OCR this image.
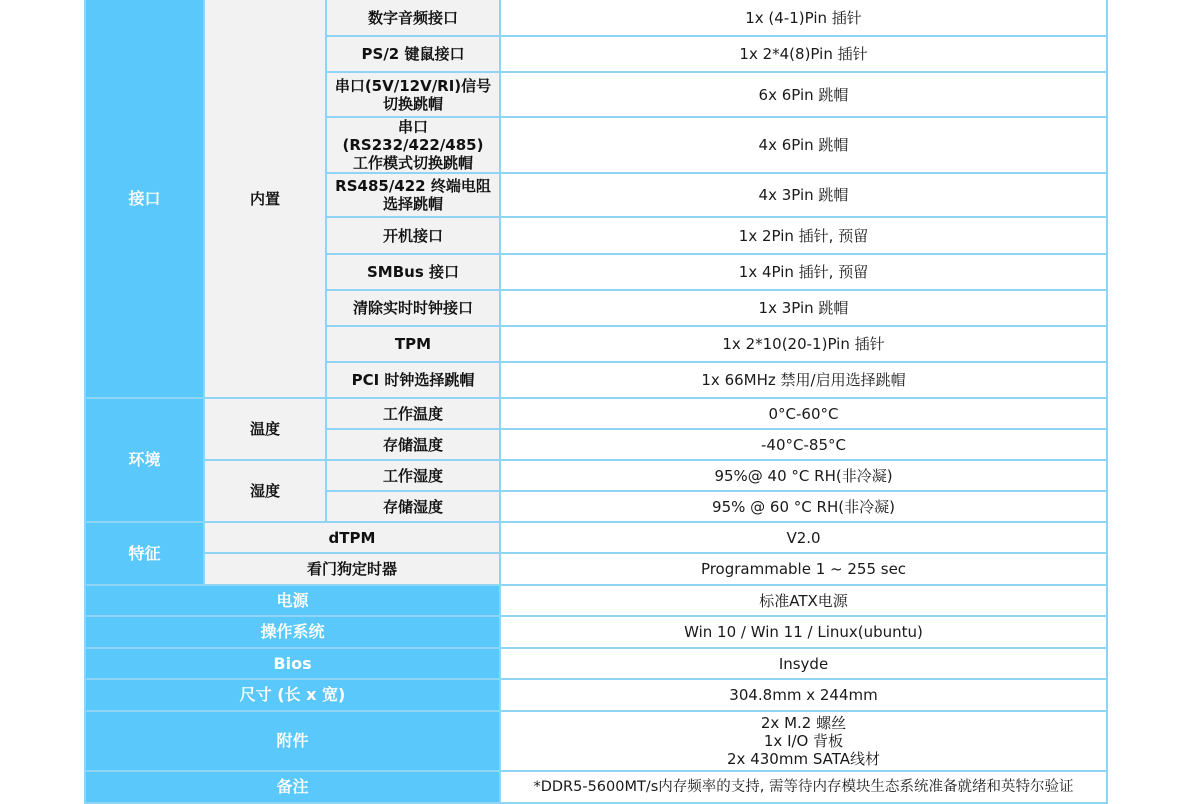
接口	内置	数字音频接口	1x (4-1)Pin 插针
		PS/2 键鼠接口	1x 2*4(8)Pin 插针

		串口(5V/12V/RI)信号
切换跳帽	6x 6Pin 跳帽

		串口(RS232/422/485)
工作模式切换跳帽	4x 6Pin 跳帽

		RS485/422 终端电阻
选择跳帽	4x 3Pin 跳帽
		开机接口	1x 2Pin 插针, 预留
		SMBus 接口	1x 4Pin 插针, 预留
		清除实时时钟接口	1x 3Pin 跳帽
		TPM	1x 2*10(20-1)Pin 插针
		PCI 时钟选择跳帽	1x 66MHz 禁用/启用选择跳帽
环境	温度	工作温度	0°C-60°C
		存储温度	-40°C-85°C
	湿度	工作湿度	95%@ 40 °C RH(非冷凝)
		存储湿度	95% @ 60 °C RH(非冷凝)
特征	dTPM		V2.0
	看门狗定时器		Programmable 1 ~ 255 sec
电源			标准ATX电源
操作系统			Win 10 / Win 11 / Linux(ubuntu)
Bios			Insyde
尺寸 (长 x 宽)			304.8mm x 244mm
附件			2x M.2 螺丝
1x I/O 背板
2x 430mm SATA线材

备注			*DDR5-5600MT/s内存频率的支持, 需等待内存模块生态系统准备就绪和英特尔验证
